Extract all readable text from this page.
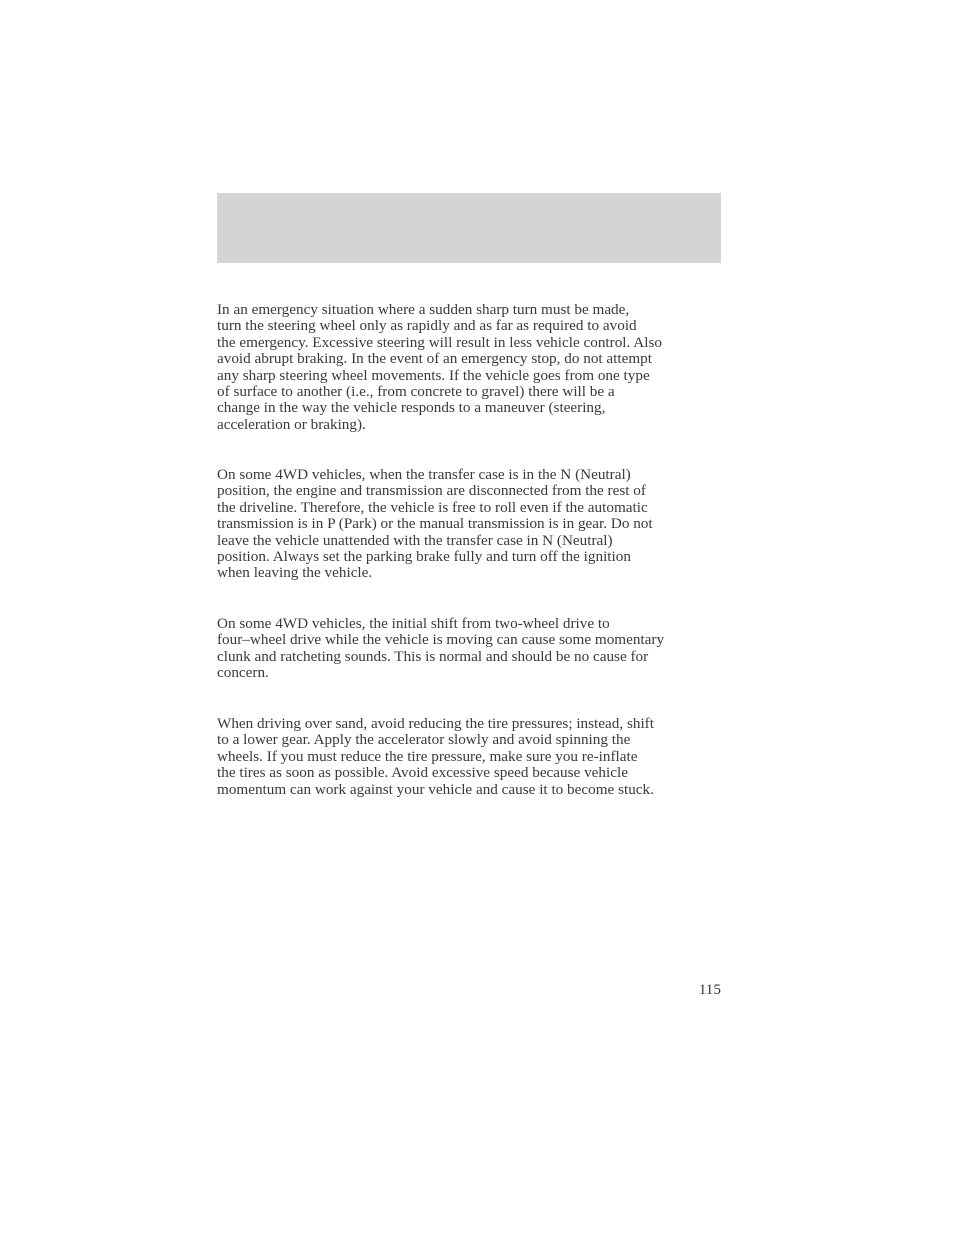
In an emergency situation where a sudden sharp turn must be made,
turn the steering wheel only as rapidly and as far as required to avoid
the emergency. Excessive steering will result in less vehicle control. Also
avoid abrupt braking. In the event of an emergency stop, do not attempt
any sharp steering wheel movements. If the vehicle goes from one type
of surface to another (i.e., from concrete to gravel) there will be a
change in the way the vehicle responds to a maneuver (steering,
acceleration or braking).

On some 4WD vehicles, when the transfer case is in the N (Neutral)
position, the engine and transmission are disconnected from the rest of
the driveline. Therefore, the vehicle is free to roll even if the automatic
transmission is in P (Park) or the manual transmission is in gear. Do not
leave the vehicle unattended with the transfer case in N (Neutral)
position. Always set the parking brake fully and turn off the ignition
when leaving the vehicle.

On some 4WD vehicles, the initial shift from two-wheel drive to
four–wheel drive while the vehicle is moving can cause some momentary
clunk and ratcheting sounds. This is normal and should be no cause for
concern.

When driving over sand, avoid reducing the tire pressures; instead, shift
to a lower gear. Apply the accelerator slowly and avoid spinning the
wheels. If you must reduce the tire pressure, make sure you re-inflate
the tires as soon as possible. Avoid excessive speed because vehicle
momentum can work against your vehicle and cause it to become stuck.

115
